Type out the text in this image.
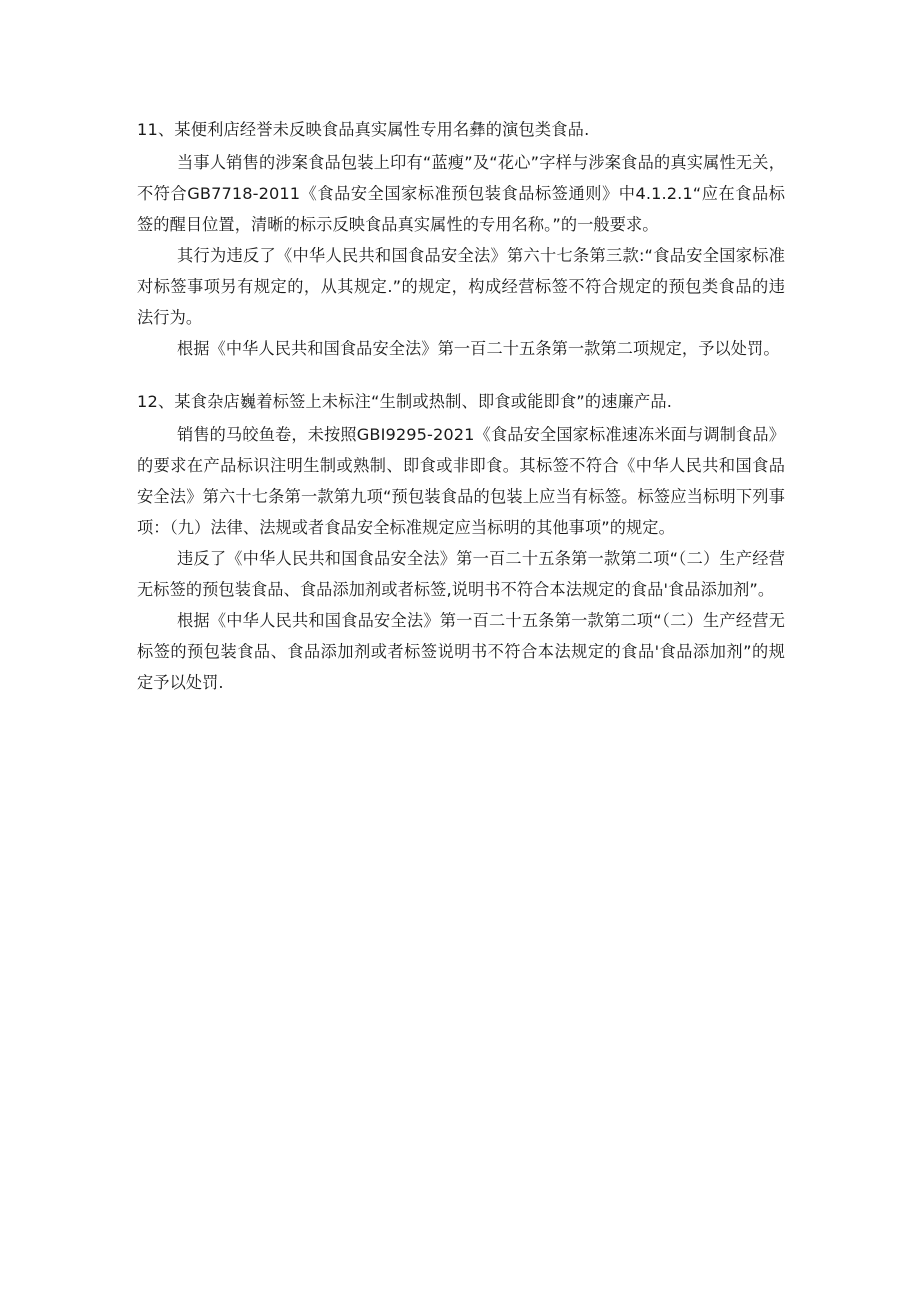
11、某便利店经誉未反映食品真实属性专用名彝的演包类食品.

当事人销售的涉案食品包装上印有“蓝瘦”及“花心”字样与涉案食品的真实属性无关，不符合GB7718-2011《食品安全国家标准预包装食品标签通则》中4.1.2.1“应在食品标签的醒目位置，清晰的标示反映食品真实属性的专用名称。”的一般要求。

其行为违反了《中华人民共和国食品安全法》第六十七条第三款:“食品安全国家标准对标签事项另有规定的，从其规定.”的规定，构成经营标签不符合规定的预包类食品的违法行为。

根据《中华人民共和国食品安全法》第一百二十五条第一款第二项规定，予以处罚。

12、某食杂店巍着标签上未标注“生制或热制、即食或能即食”的速廉产品.

销售的马皎鱼卷，未按照GBI9295-2021《食品安全国家标准速冻米面与调制食品》的要求在产品标识注明生制或熟制、即食或非即食。其标签不符合《中华人民共和国食品安全法》第六十七条第一款第九项“预包装食品的包装上应当有标签。标签应当标明下列事项：（九）法律、法规或者食品安全标准规定应当标明的其他事项”的规定。

违反了《中华人民共和国食品安全法》第一百二十五条第一款第二项“（二）生产经营无标签的预包装食品、食品添加剂或者标签,说明书不符合本法规定的食品'食品添加剂”。

根据《中华人民共和国食品安全法》第一百二十五条第一款第二项“（二）生产经营无标签的预包装食品、食品添加剂或者标签说明书不符合本法规定的食品'食品添加剂”的规定予以处罚.
